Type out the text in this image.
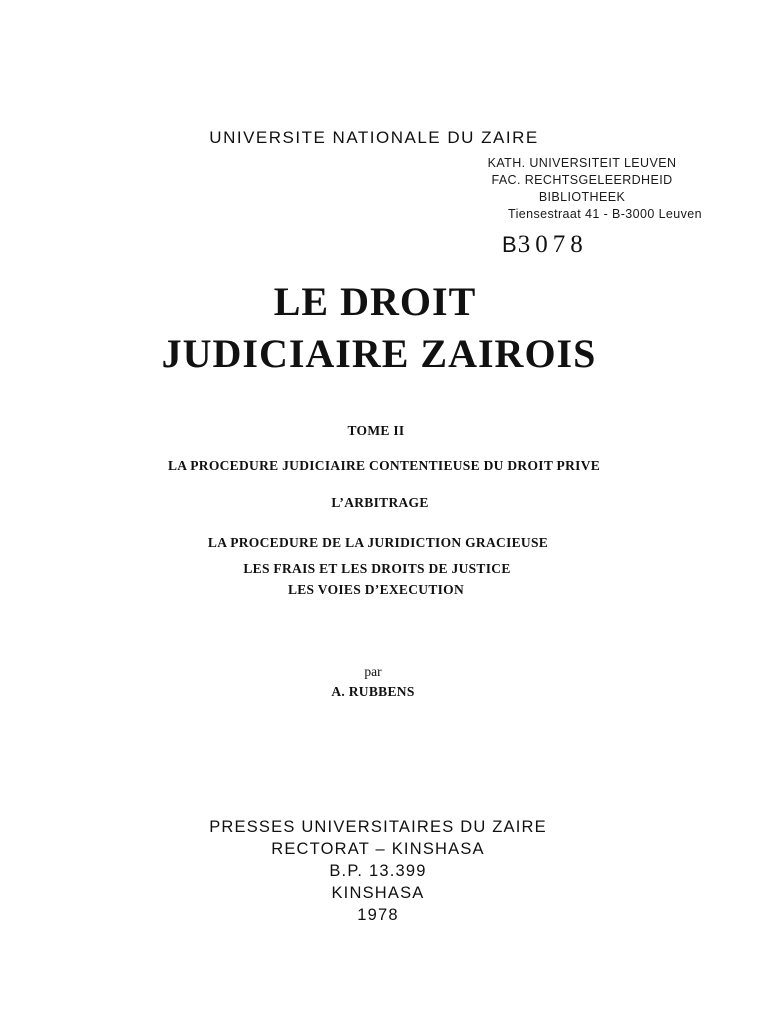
UNIVERSITE NATIONALE DU ZAIRE
KATH. UNIVERSITEIT LEUVEN
FAC. RECHTSGELEERDHEID
BIBLIOTHEEK
Tiensestraat 41 - B-3000 Leuven
B3078
LE DROIT
JUDICIAIRE ZAIROIS
TOME II
LA PROCEDURE JUDICIAIRE CONTENTIEUSE DU DROIT PRIVE
L’ARBITRAGE
LA PROCEDURE DE LA JURIDICTION GRACIEUSE
LES FRAIS ET LES DROITS DE JUSTICE
LES VOIES D’EXECUTION
par
A. RUBBENS
PRESSES UNIVERSITAIRES DU ZAIRE
RECTORAT – KINSHASA
B.P. 13.399
KINSHASA
1978
